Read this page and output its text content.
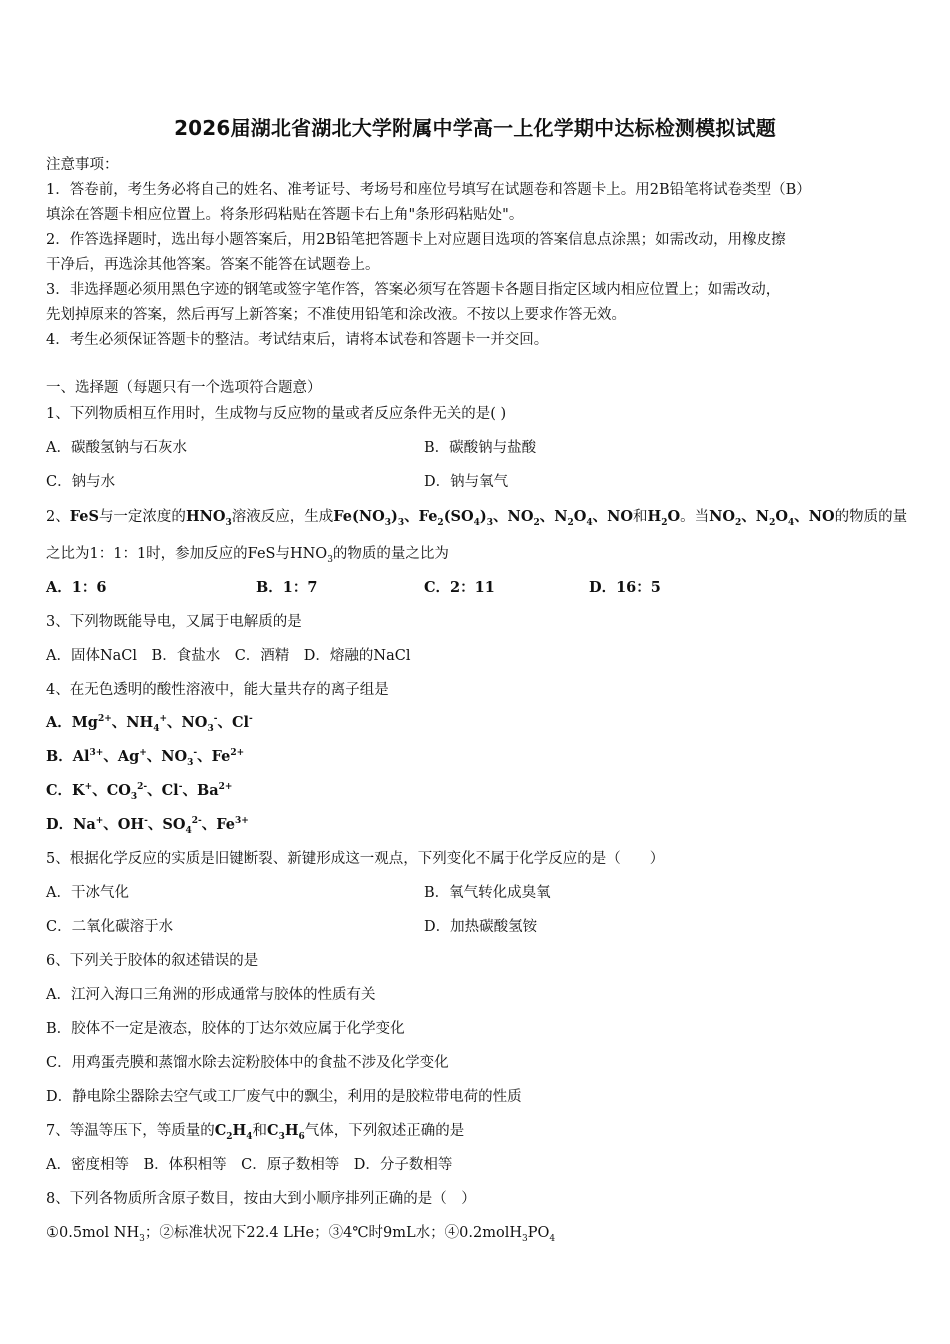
2026届湖北省湖北大学附属中学高一上化学期中达标检测模拟试题
注意事项：
1．答卷前，考生务必将自己的姓名、准考证号、考场号和座位号填写在试题卷和答题卡上。用2B铅笔将试卷类型（B）
填涂在答题卡相应位置上。将条形码粘贴在答题卡右上角"条形码粘贴处"。
2．作答选择题时，选出每小题答案后，用2B铅笔把答题卡上对应题目选项的答案信息点涂黑；如需改动，用橡皮擦
干净后，再选涂其他答案。答案不能答在试题卷上。
3．非选择题必须用黑色字迹的钢笔或签字笔作答，答案必须写在答题卡各题目指定区域内相应位置上；如需改动，
先划掉原来的答案，然后再写上新答案；不准使用铅笔和涂改液。不按以上要求作答无效。
4．考生必须保证答题卡的整洁。考试结束后，请将本试卷和答题卡一并交回。
一、选择题（每题只有一个选项符合题意）
1、下列物质相互作用时，生成物与反应物的量或者反应条件无关的是( )
A．碳酸氢钠与石灰水	B．碳酸钠与盐酸
C．钠与水	D．钠与氧气
2、FeS与一定浓度的$HNO_3$溶液反应，生成$Fe(NO_3)_3$、$Fe_2(SO_4)_3$、$NO_2$、$N_2O_4$、NO和$H_2O$。当$NO_2$、$N_2O_4$、NO的物质的量
之比为1：1：1时，参加反应的FeS与$HNO_3$的物质的量之比为
A．1：6	B．1：7	C．2：11	D．16：5
3、下列物既能导电，又属于电解质的是
A．固体NaCl　B．食盐水　C．酒精　D．熔融的NaCl
4、在无色透明的酸性溶液中，能大量共存的离子组是
A．$Mg^{2+}$、$NH_4^+$、$NO_3^-$、Cl-
B．$Al^{3+}$、Ag+、$NO_3^-$、$Fe^{2+}$
C．K+、$CO_3^{2-}$、Cl-、$Ba^{2+}$
D．Na+、OH-、$SO_4^{2-}$、$Fe^{3+}$
5、根据化学反应的实质是旧键断裂、新键形成这一观点，下列变化不属于化学反应的是（　　）
A．干冰气化	B．氧气转化成臭氧
C．二氧化碳溶于水	D．加热碳酸氢铵
6、下列关于胶体的叙述错误的是
A．江河入海口三角洲的形成通常与胶体的性质有关
B．胶体不一定是液态，胶体的丁达尔效应属于化学变化
C．用鸡蛋壳膜和蒸馏水除去淀粉胶体中的食盐不涉及化学变化
D．静电除尘器除去空气或工厂废气中的飘尘，利用的是胶粒带电荷的性质
7、等温等压下，等质量的$C_2H_4$和$C_3H_6$气体，下列叙述正确的是
A．密度相等　B．体积相等　C．原子数相等　D．分子数相等
8、下列各物质所含原子数目，按由大到小顺序排列正确的是（　）
①0.5mol $NH_3$；②标准状况下22.4 LHe；③4℃时9mL水；$④0.2molH_3PO_4$
